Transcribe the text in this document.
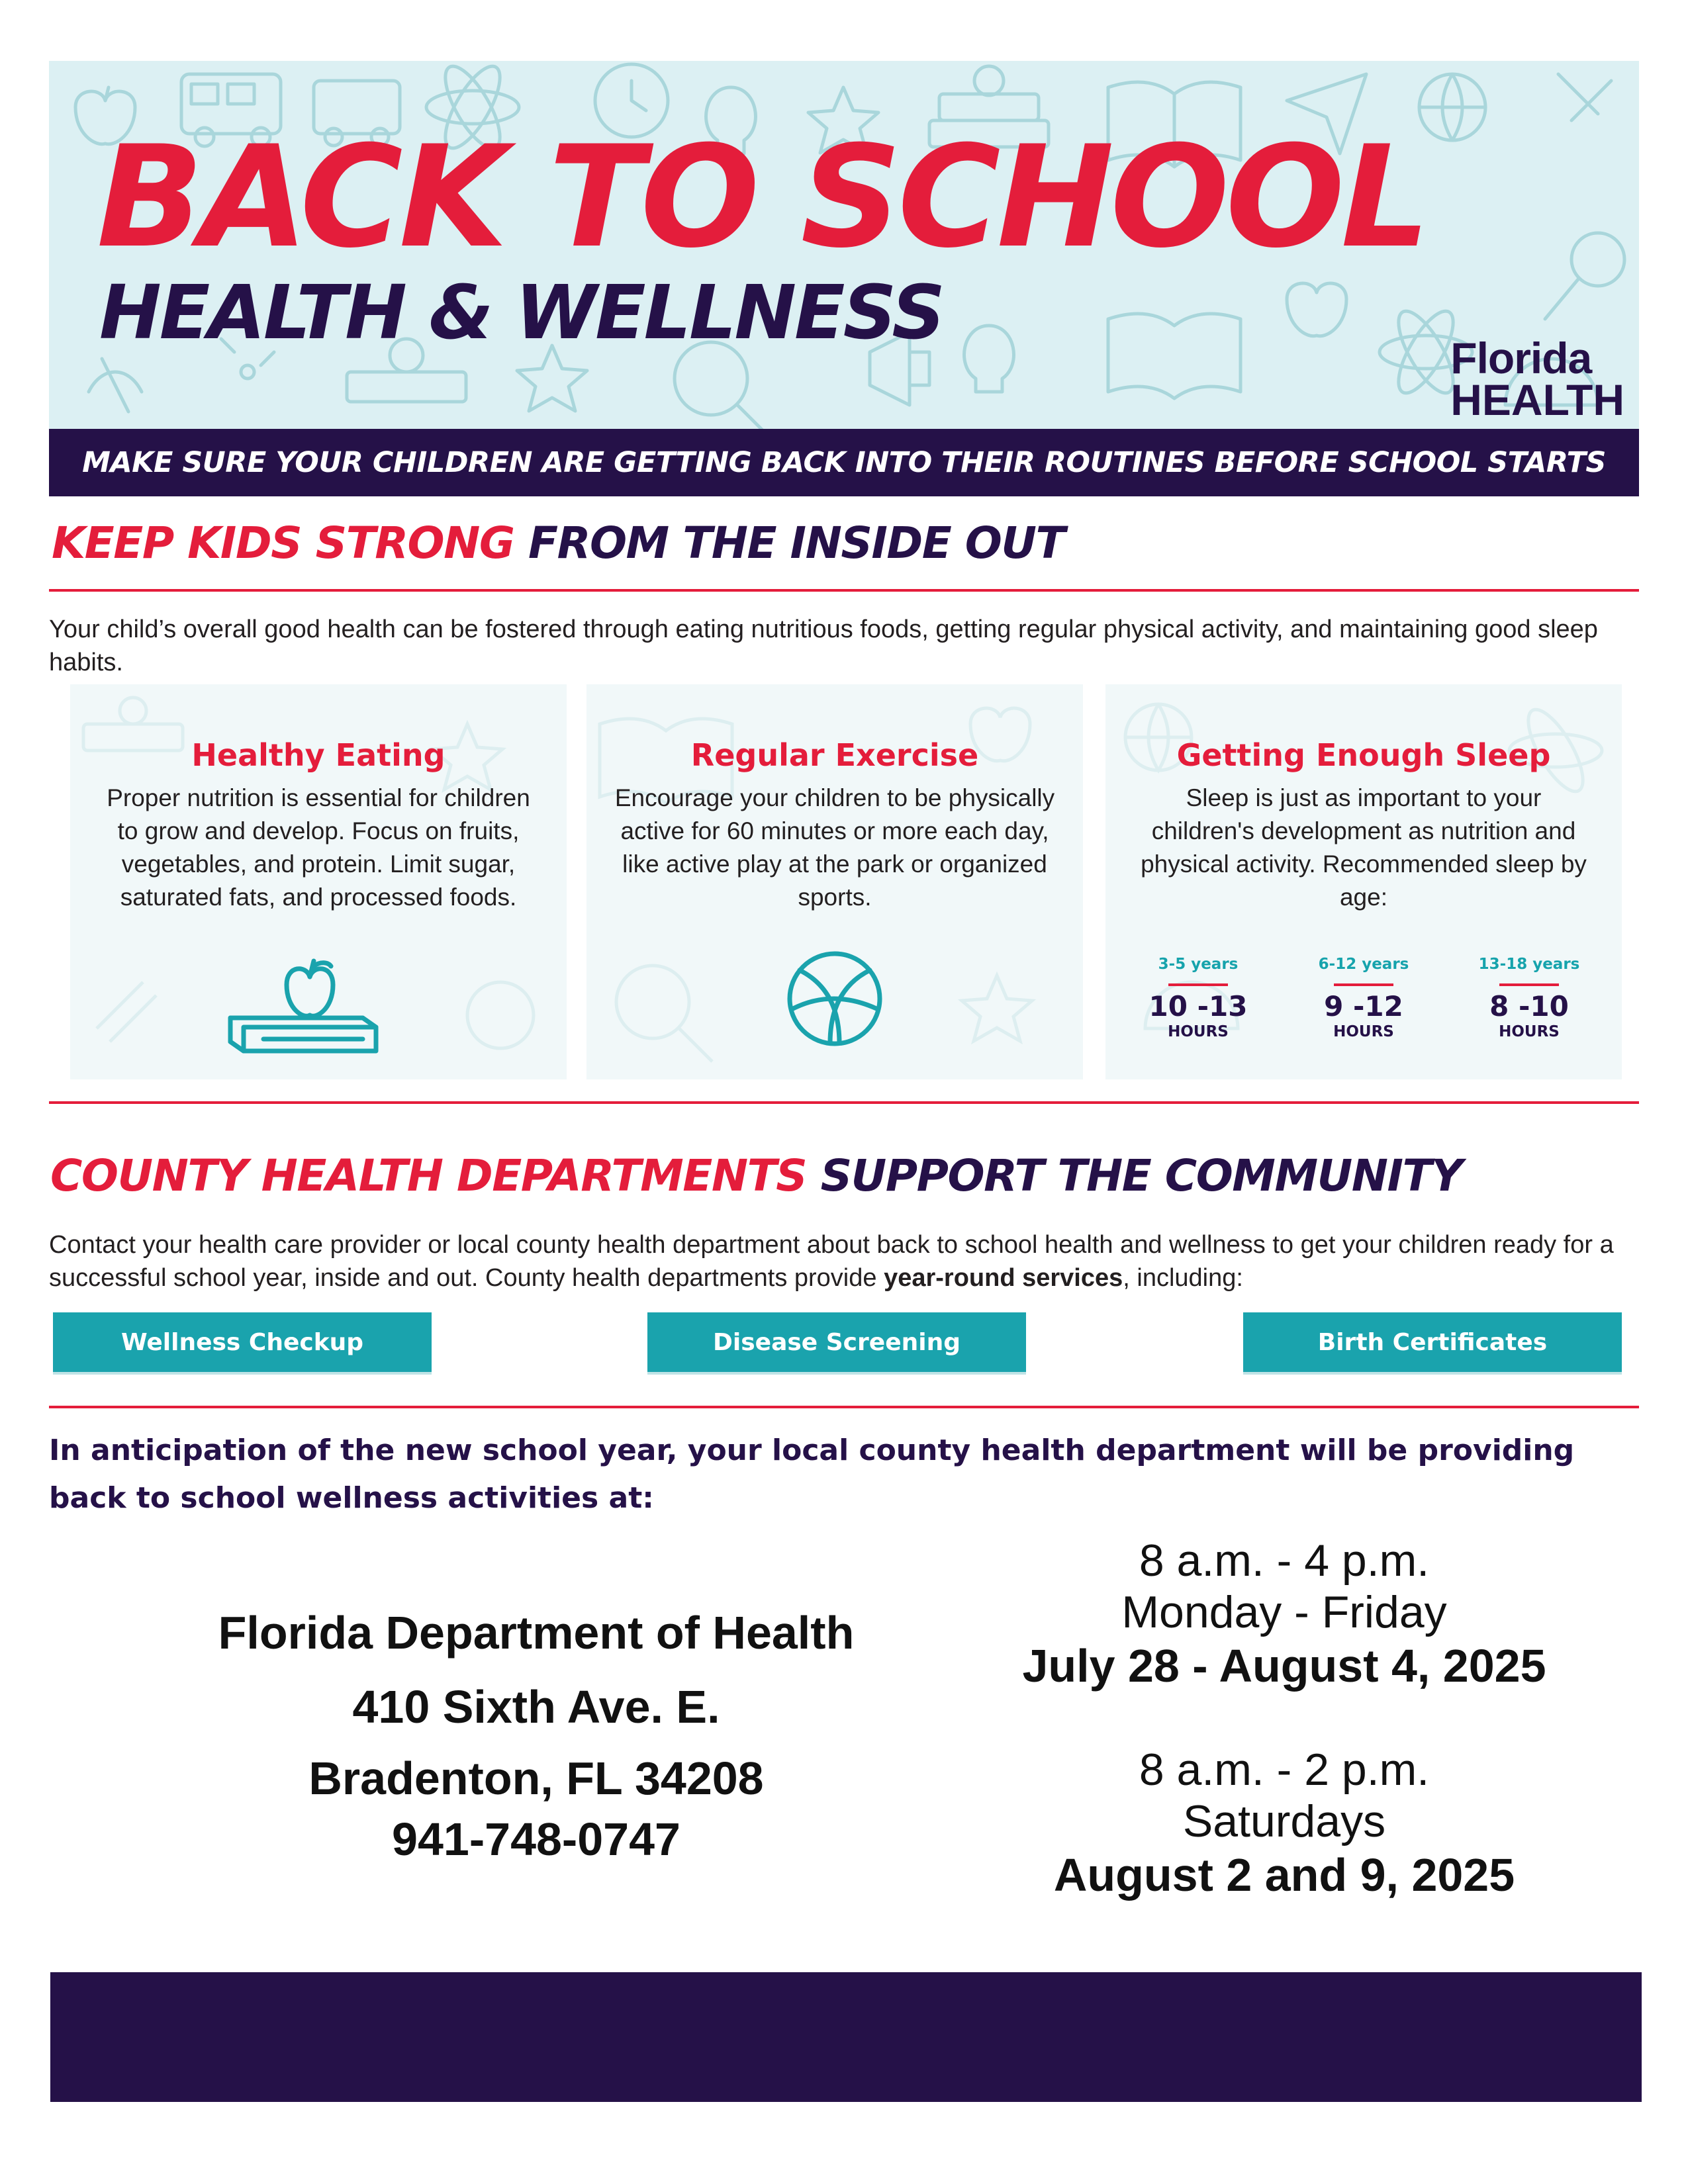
BACK TO SCHOOL
HEALTH & WELLNESS
Florida
HEALTH
MAKE SURE YOUR CHILDREN ARE GETTING BACK INTO THEIR ROUTINES BEFORE SCHOOL STARTS
KEEP KIDS STRONG FROM THE INSIDE OUT

Your child’s overall good health can be fostered through eating nutritious foods, getting regular physical activity, and maintaining good sleep habits.

Healthy Eating

Proper nutrition is essential for children to grow and develop. Focus on fruits, vegetables, and protein. Limit sugar, saturated fats, and processed foods.

Regular Exercise

Encourage your children to be physically active for 60 minutes or more each day, like active play at the park or organized sports.

Getting Enough Sleep

Sleep is just as important to your children's development as nutrition and physical activity. Recommended sleep by age:

3-5 years
10 -13
HOURS
6-12 years
9 -12
HOURS
13-18 years
8 -10
HOURS
COUNTY HEALTH DEPARTMENTS SUPPORT THE COMMUNITY

Contact your health care provider or local county health department about back to school health and wellness to get your children ready for a successful school year, inside and out. County health departments provide year-round services, including:

Wellness Checkup	Disease Screening	Birth Certificates

In anticipation of the new school year, your local county health department will be providing back to school wellness activities at:

Florida Department of Health
410 Sixth Ave. E.
Bradenton, FL 34208
941-748-0747
8 a.m. - 4 p.m.
Monday - Friday
July 28 - August 4, 2025
8 a.m. - 2 p.m.
Saturdays
August 2 and 9, 2025
